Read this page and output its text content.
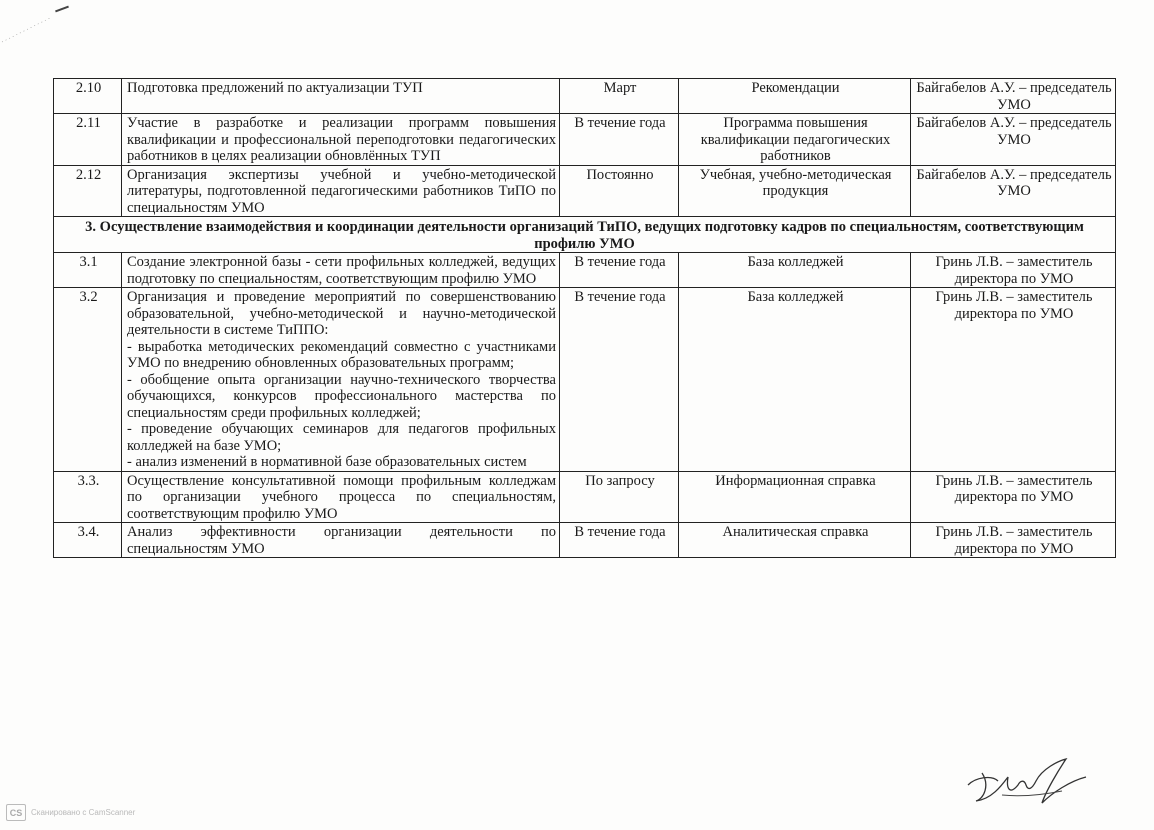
2.10	Подготовка предложений по актуализации ТУП	Март	Рекомендации	Байгабелов А.У. – председатель УМО
2.11	Участие в разработке и реализации программ повышения квалификации и профессиональной переподготовки педагогических работников в целях реализации обновлённых ТУП	В течение года	Программа повышения квалификации педагогических работников	Байгабелов А.У. – председатель УМО
2.12	Организация экспертизы учебной и учебно-методической литературы, подготовленной педагогическими работников ТиПО по специальностям УМО	Постоянно	Учебная, учебно-методическая продукция	Байгабелов А.У. – председатель УМО
3. Осуществление взаимодействия и координации деятельности организаций ТиПО, ведущих подготовку кадров по специальностям, соответствующим профилю УМО				
3.1	Создание электронной базы - сети профильных колледжей, ведущих подготовку по специальностям, соответствующим профилю УМО	В течение года	База колледжей	Гринь Л.В. – заместитель директора по УМО
3.2	Организация и проведение мероприятий по совершенствованию образовательной, учебно-методической и научно-методической деятельности в системе ТиППО:
- выработка методических рекомендаций совместно с участниками УМО по внедрению обновленных образовательных программ;
- обобщение опыта организации научно-технического творчества обучающихся, конкурсов профессионального мастерства по специальностям среди профильных колледжей;
- проведение обучающих семинаров для педагогов профильных колледжей на базе УМО;
- анализ изменений в нормативной базе образовательных систем	В течение года	База колледжей	Гринь Л.В. – заместитель директора по УМО
3.3.	Осуществление консультативной помощи профильным колледжам по организации учебного процесса по специальностям, соответствующим профилю УМО	По запросу	Информационная справка	Гринь Л.В. – заместитель директора по УМО
3.4.	Анализ эффективности организации деятельности по специальностям УМО	В течение года	Аналитическая справка	Гринь Л.В. – заместитель директора по УМО
CS	Сканировано с CamScanner
